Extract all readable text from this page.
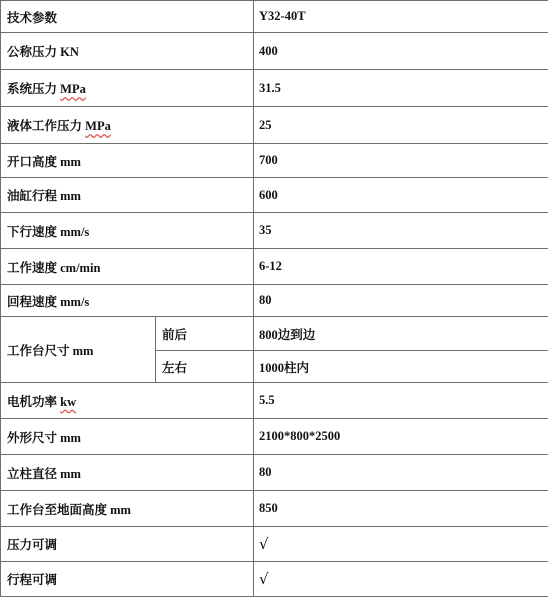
技术参数		Y32-40T
公称压力 KN		400
系统压力 MPa		31.5
液体工作压力 MPa		25
开口高度 mm		700
油缸行程 mm		600
下行速度 mm/s		35
工作速度 cm/min		6-12
回程速度 mm/s		80
工作台尺寸 mm	前后	800边到边
	左右	1000柱内
电机功率 kw		5.5
外形尺寸 mm		2100*800*2500
立柱直径 mm		80
工作台至地面高度 mm		850
压力可调		√
行程可调		√
